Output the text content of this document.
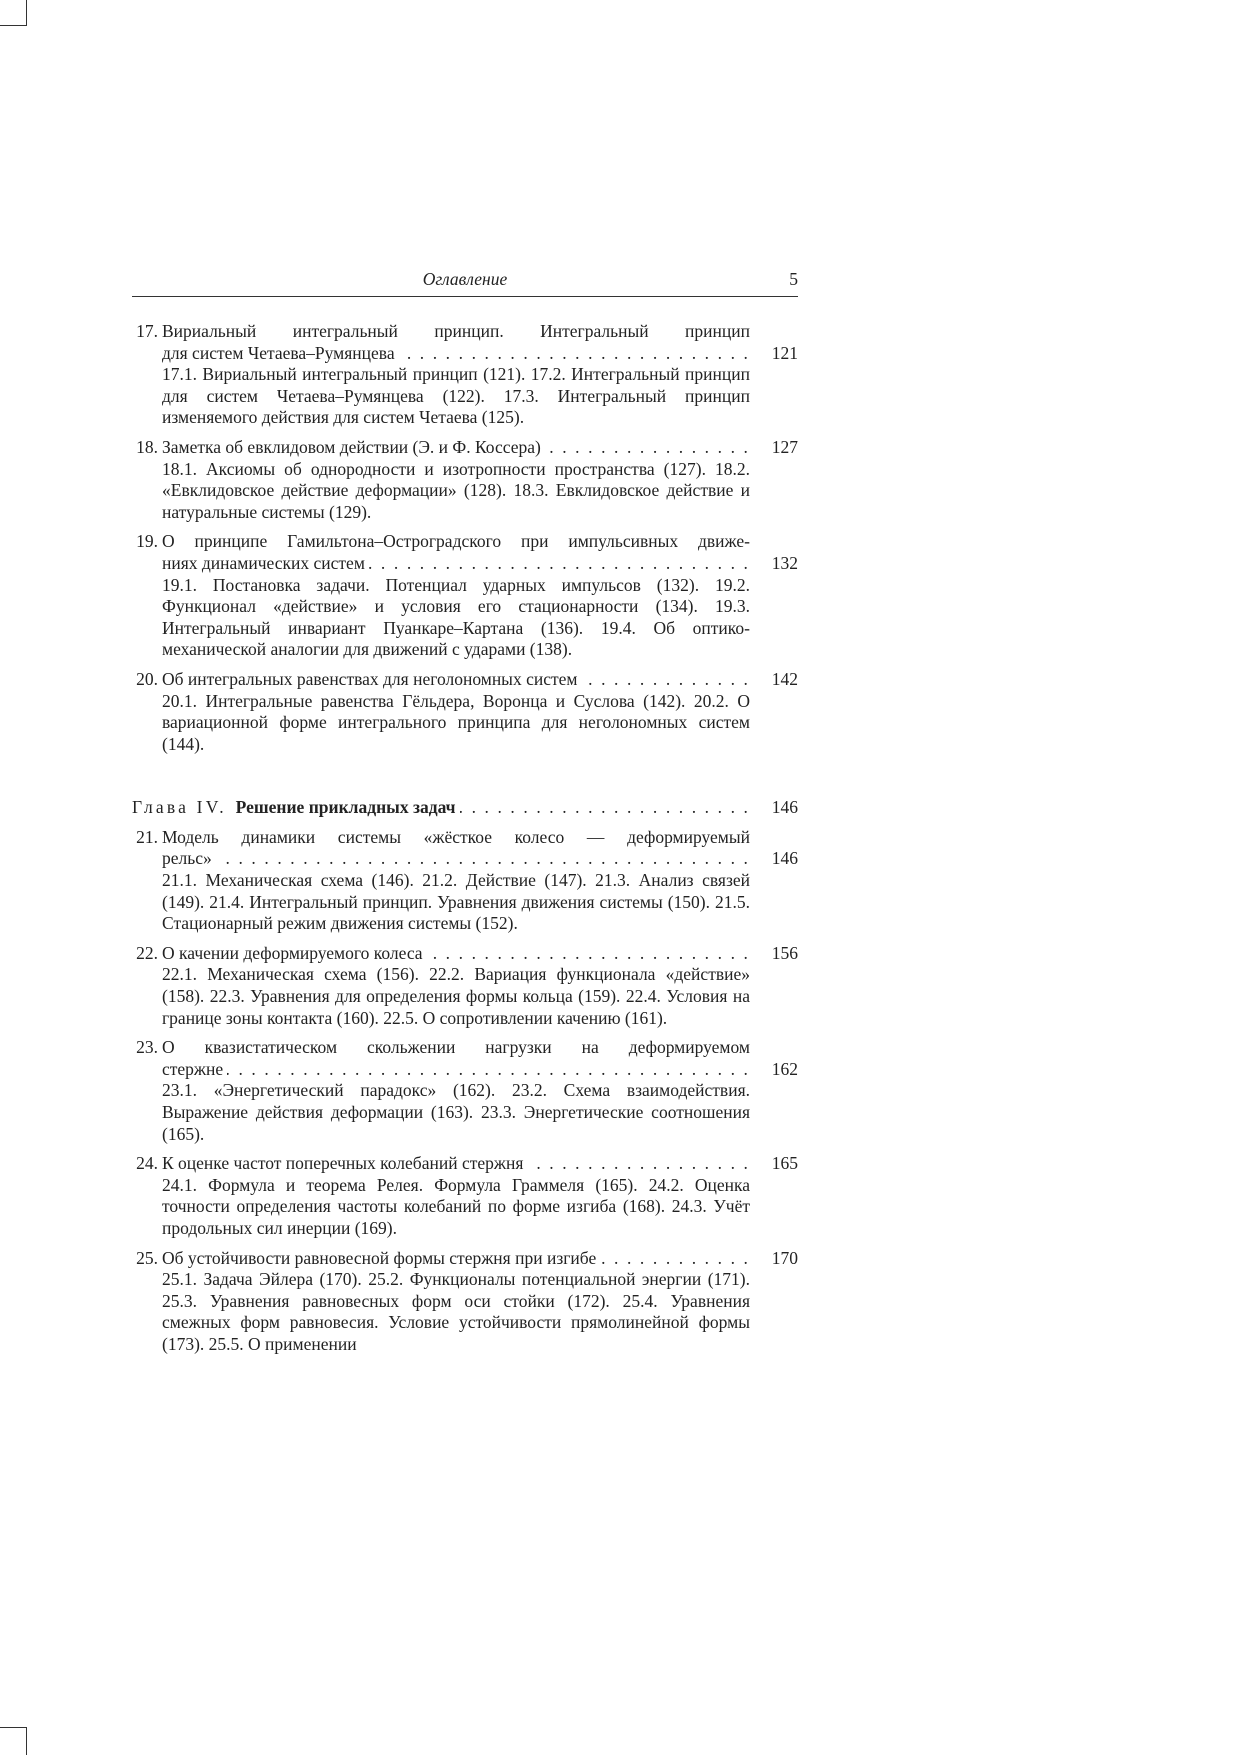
Оглавление	5
17. Вириальный интегральный принцип. Интегральный принцип
для систем Четаева–Румянцева . . .
17.1. Вириальный интегральный принцип (121). 17.2. Интегральный принцип для систем Четаева–Румянцева (122). 17.3. Интегральный принцип изменяемого действия для систем Четаева (125).
121
18. Заметка об евклидовом действии (Э. и Ф. Коссера) . . .
18.1. Аксиомы об однородности и изотропности пространства (127). 18.2. «Евклидовское действие деформации» (128). 18.3. Евклидовское действие и натуральные системы (129).
127
19. О принципе Гамильтона–Остроградского при импульсивных движе-
ниях динамических систем . . .
19.1. Постановка задачи. Потенциал ударных импульсов (132). 19.2. Функционал «действие» и условия его стационарности (134). 19.3. Интегральный инвариант Пуанкаре–Картана (136). 19.4. Об оптико-механической аналогии для движений с ударами (138).
132
20. Об интегральных равенствах для неголономных систем . . .
20.1. Интегральные равенства Гёльдера, Воронца и Суслова (142). 20.2. О вариационной форме интегрального принципа для неголономных систем (144).
142
Глава IV. Решение прикладных задач . . .	146
21. Модель динамики системы «жёсткое колесо — деформируемый
рельс» . . .
21.1. Механическая схема (146). 21.2. Действие (147). 21.3. Анализ связей (149). 21.4. Интегральный принцип. Уравнения движения системы (150). 21.5. Стационарный режим движения системы (152).
146
22. О качении деформируемого колеса . . .
22.1. Механическая схема (156). 22.2. Вариация функционала «действие» (158). 22.3. Уравнения для определения формы кольца (159). 22.4. Условия на границе зоны контакта (160). 22.5. О сопротивлении качению (161).
156
23. О квазистатическом скольжении нагрузки на деформируемом
стержне . . .
23.1. «Энергетический парадокс» (162). 23.2. Схема взаимодействия. Выражение действия деформации (163). 23.3. Энергетические соотношения (165).
162
24. К оценке частот поперечных колебаний стержня . . .
24.1. Формула и теорема Релея. Формула Граммеля (165). 24.2. Оценка точности определения частоты колебаний по форме изгиба (168). 24.3. Учёт продольных сил инерции (169).
165
25. Об устойчивости равновесной формы стержня при изгибе . . .
25.1. Задача Эйлера (170). 25.2. Функционалы потенциальной энергии (171). 25.3. Уравнения равновесных форм оси стойки (172). 25.4. Уравнения смежных форм равновесия. Условие устойчивости прямолинейной формы (173). 25.5. О применении
170
